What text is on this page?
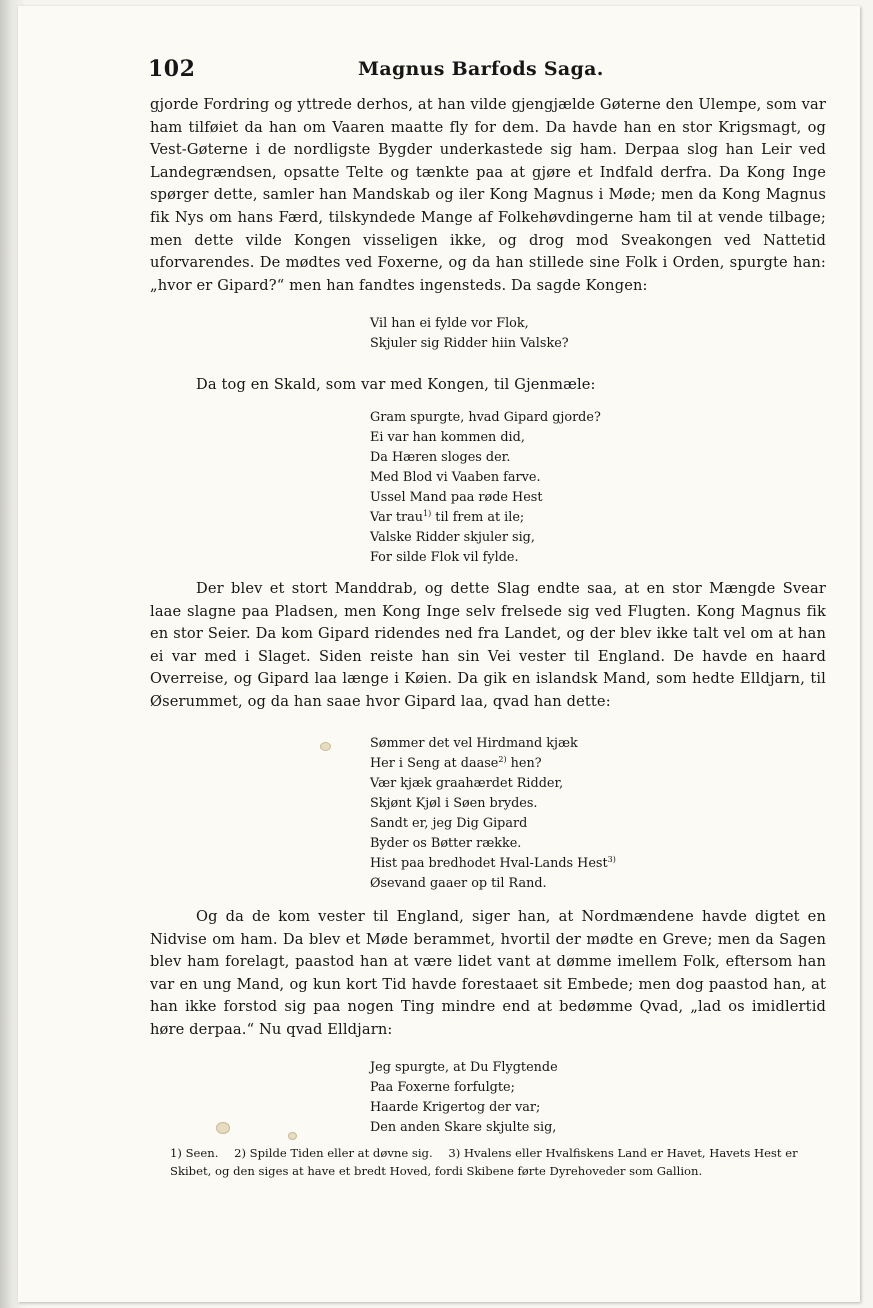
102	Magnus Barfods Saga.

gjorde Fordring og yttrede derhos, at han vilde gjengjælde Gøterne den Ulempe, som var ham tilføiet da han om Vaaren maatte fly for dem. Da havde han en stor Krigsmagt, og Vest-Gøterne i de nordligste Bygder underkastede sig ham. Derpaa slog han Leir ved Landegrændsen, opsatte Telte og tænkte paa at gjøre et Indfald derfra. Da Kong Inge spørger dette, samler han Mandskab og iler Kong Magnus i Møde; men da Kong Magnus fik Nys om hans Færd, tilskyndede Mange af Folkehøvdingerne ham til at vende tilbage; men dette vilde Kongen visseligen ikke, og drog mod Sveakongen ved Nattetid uforvarendes. De mødtes ved Foxerne, og da han stillede sine Folk i Orden, spurgte han: „hvor er Gipard?“ men han fandtes ingensteds. Da sagde Kongen:

Vil han ei fylde vor Flok,
Skjuler sig Ridder hiin Valske?

Da tog en Skald, som var med Kongen, til Gjenmæle:

Gram spurgte, hvad Gipard gjorde?
Ei var han kommen did,
Da Hæren sloges der.
Med Blod vi Vaaben farve.
Ussel Mand paa røde Hest
Var trau$^{1)}$ til frem at ile;
Valske Ridder skjuler sig,
For silde Flok vil fylde.

Der blev et stort Manddrab, og dette Slag endte saa, at en stor Mængde Svear laae slagne paa Pladsen, men Kong Inge selv frelsede sig ved Flugten. Kong Magnus fik en stor Seier. Da kom Gipard ridendes ned fra Landet, og der blev ikke talt vel om at han ei var med i Slaget. Siden reiste han sin Vei vester til England. De havde en haard Overreise, og Gipard laa længe i Køien. Da gik en islandsk Mand, som hedte Elldjarn, til Øserummet, og da han saae hvor Gipard laa, qvad han dette:

Sømmer det vel Hirdmand kjæk
Her i Seng at daase$^{2)}$ hen?
Vær kjæk graahærdet Ridder,
Skjønt Kjøl i Søen brydes.
Sandt er, jeg Dig Gipard
Byder os Bøtter række.
Hist paa bredhodet Hval-Lands Hest$^{3)}$
Øsevand gaaer op til Rand.

Og da de kom vester til England, siger han, at Nordmændene havde digtet en Nidvise om ham. Da blev et Møde berammet, hvortil der mødte en Greve; men da Sagen blev ham forelagt, paastod han at være lidet vant at dømme imellem Folk, eftersom han var en ung Mand, og kun kort Tid havde forestaaet sit Embede; men dog paastod han, at han ikke forstod sig paa nogen Ting mindre end at bedømme Qvad, „lad os imidlertid høre derpaa.“ Nu qvad Elldjarn:

Jeg spurgte, at Du Flygtende
Paa Foxerne forfulgte;
Haarde Krigertog der var;
Den anden Skare skjulte sig,

1) Seen. 2) Spilde Tiden eller at døvne sig. 3) Hvalens eller Hvalfiskens Land er Havet, Havets Hest er Skibet, og den siges at have et bredt Hoved, fordi Skibene førte Dyrehoveder som Gallion.
